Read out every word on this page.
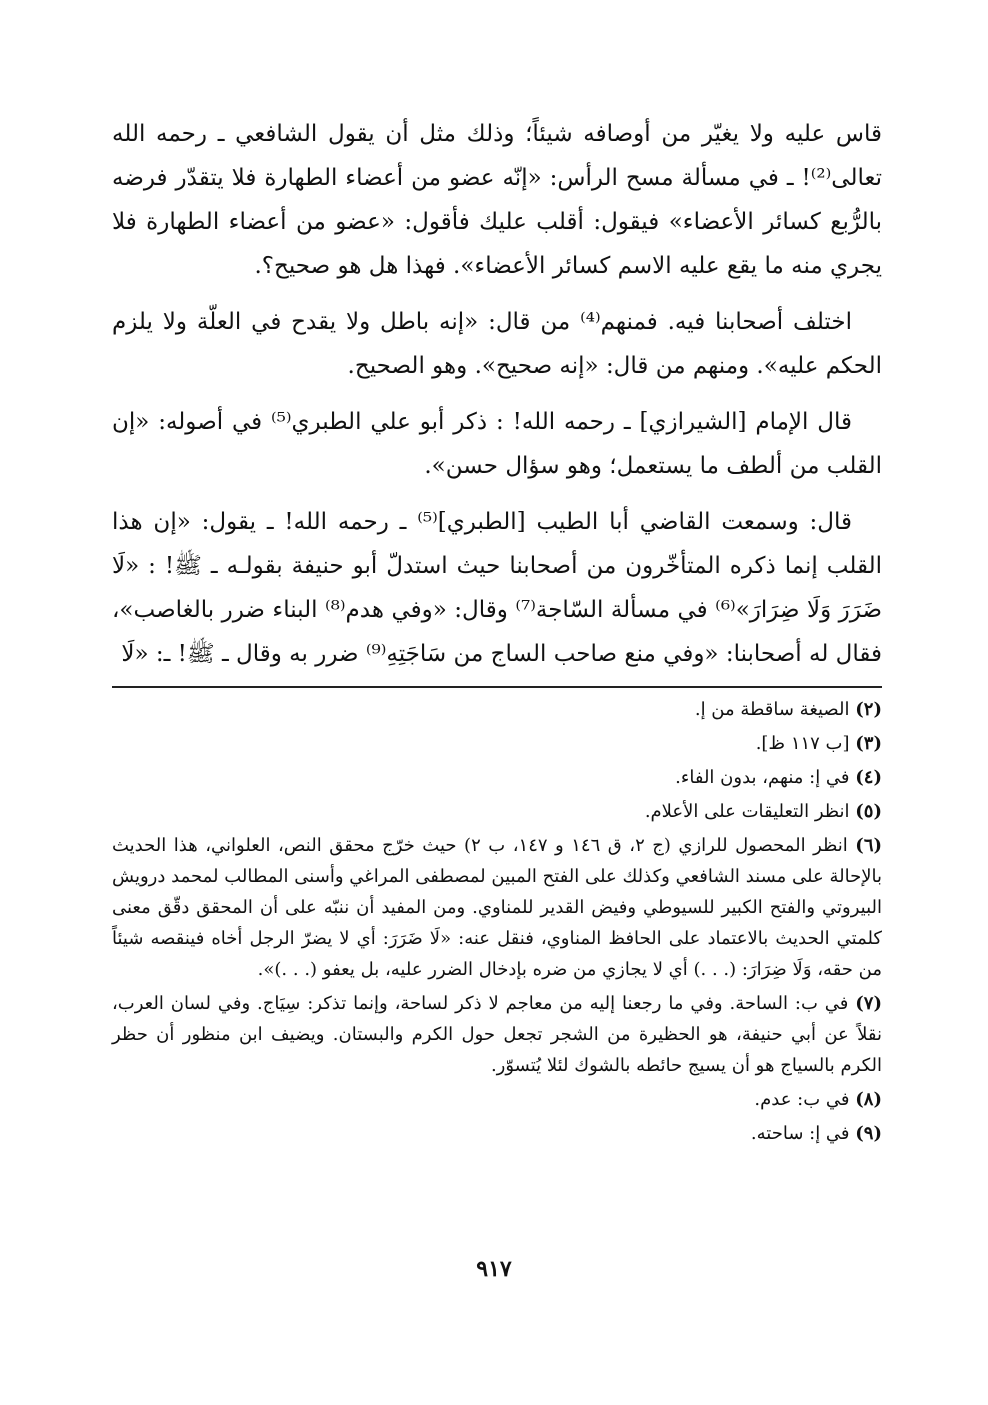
قاس عليه ولا يغيّر من أوصافه شيئاً؛ وذلك مثل أن يقول الشافعي ـ رحمه الله تعالى⁽²⁾! ـ في مسألة مسح الرأس: «إنّه عضو من أعضاء الطهارة فلا يتقدّر فرضه بالرُّبع كسائر الأعضاء» فيقول: أقلب عليك فأقول: «عضو من أعضاء الطهارة فلا يجري منه ما يقع عليه الاسم كسائر الأعضاء». فهذا هل هو صحيح؟.

اختلف أصحابنا فيه. فمنهم⁽⁴⁾ من قال: «إنه باطل ولا يقدح في العلّة ولا يلزم الحكم عليه». ومنهم من قال: «إنه صحيح». وهو الصحيح.

قال الإمام [الشيرازي] ـ رحمه الله! : ذكر أبو علي الطبري⁽⁵⁾ في أصوله: «إن القلب من ألطف ما يستعمل؛ وهو سؤال حسن».

قال: وسمعت القاضي أبا الطيب [الطبري]⁽⁵⁾ ـ رحمه الله! ـ يقول: «إن هذا القلب إنما ذكره المتأخّرون من أصحابنا حيث استدلّ أبو حنيفة بقولـه ـ ﷺ! : «لَا ضَرَرَ وَلَا ضِرَارَ»⁽⁶⁾ في مسألة السّاجة⁽⁷⁾ وقال: «وفي هدم⁽⁸⁾ البناء ضرر بالغاصب»، فقال له أصحابنا: «وفي منع صاحب الساج من سَاجَتِهِ⁽⁹⁾ ضرر به وقال ـ ﷺ! ـ: «لَا

(٢) الصيغة ساقطة من إ.

(٣) [ب ١١٧ ظ].

(٤) في إ: منهم، بدون الفاء.

(٥) انظر التعليقات على الأعلام.

(٦) انظر المحصول للرازي (ج ٢، ق ١٤٦ و ١٤٧، ب ٢) حيث خرّج محقق النص، العلواني، هذا الحديث بالإحالة على مسند الشافعي وكذلك على الفتح المبين لمصطفى المراغي وأسنى المطالب لمحمد درويش البيروتي والفتح الكبير للسيوطي وفيض القدير للمناوي. ومن المفيد أن ننبّه على أن المحقق دقّق معنى كلمتي الحديث بالاعتماد على الحافظ المناوي، فنقل عنه: «لَا ضَرَرَ: أي لا يضرّ الرجل أخاه فينقصه شيئاً من حقه، وَلَا ضِرَارَ: (. . .) أي لا يجازي من ضره بإدخال الضرر عليه، بل يعفو (. . .)».

(٧) في ب: الساحة. وفي ما رجعنا إليه من معاجم لا ذكر لساحة، وإنما تذكر: سِيَاج. وفي لسان العرب، نقلاً عن أبي حنيفة، هو الحظيرة من الشجر تجعل حول الكرم والبستان. ويضيف ابن منظور أن حظر الكرم بالسياج هو أن يسيج حائطه بالشوك لئلا يُتسوّر.

(٨) في ب: عدم.

(٩) في إ: ساحته.

٩١٧
